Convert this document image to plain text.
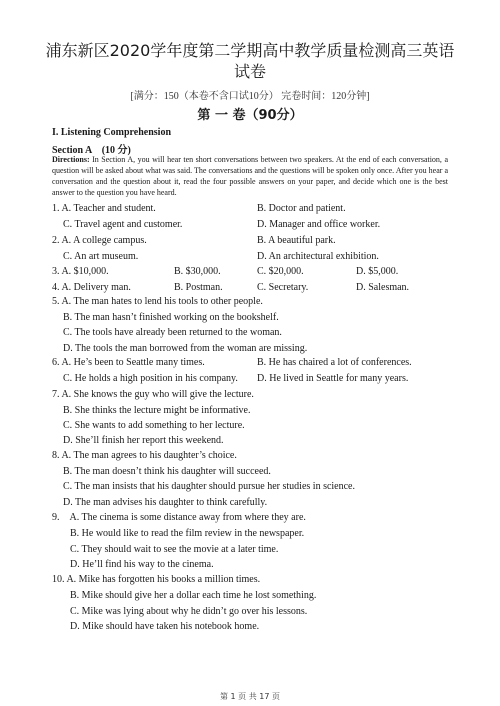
浦东新区2020学年度第二学期高中教学质量检测高三英语
试卷
[满分：150（本卷不含口试10分） 完卷时间：120分钟]
第 一 卷（90分）
I. Listening Comprehension
Section A　(10 分)
Directions: In Section A, you will hear ten short conversations between two speakers. At the end of each conversation, a question will be asked about what was said. The conversations and the questions will be spoken only once. After you hear a conversation and the question about it, read the four possible answers on your paper, and decide which one is the best answer to the question you have heard.
1. A. Teacher and student.	B. Doctor and patient.
C. Travel agent and customer.	D. Manager and office worker.
2. A. A college campus.	B. A beautiful park.
C. An art museum.	D. An architectural exhibition.
3. A. $10,000.	B. $30,000.	C. $20,000.	D. $5,000.
4. A. Delivery man.	B. Postman.	C. Secretary.	D. Salesman.
5. A. The man hates to lend his tools to other people.
B. The man hasn’t finished working on the bookshelf.
C. The tools have already been returned to the woman.
D. The tools the man borrowed from the woman are missing.
6. A. He’s been to Seattle many times.	B. He has chaired a lot of conferences.
C. He holds a high position in his company. D. He lived in Seattle for many years.
7. A. She knows the guy who will give the lecture.
B. She thinks the lecture might be informative.
C. She wants to add something to her lecture.
D. She’ll finish her report this weekend.
8. A. The man agrees to his daughter’s choice.
B. The man doesn’t think his daughter will succeed.
C. The man insists that his daughter should pursue her studies in science.
D. The man advises his daughter to think carefully.
9.　A. The cinema is some distance away from where they are.
B. He would like to read the film review in the newspaper.
C. They should wait to see the movie at a later time.
D. He’ll find his way to the cinema.
10. A. Mike has forgotten his books a million times.
B. Mike should give her a dollar each time he lost something.
C. Mike was lying about why he didn’t go over his lessons.
D. Mike should have taken his notebook home.
第 1 页 共 17 页
